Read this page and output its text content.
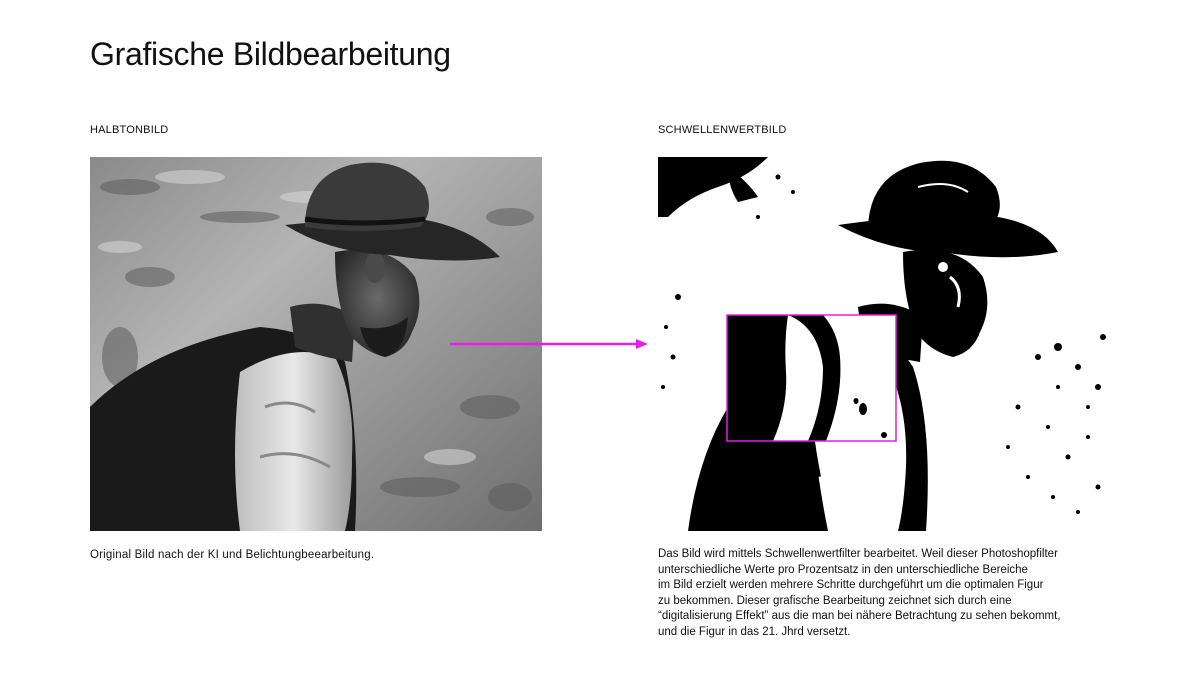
Grafische Bildbearbeitung
HALBTONBILD
Original Bild nach der KI und Belichtungbeearbeitung.
SCHWELLENWERTBILD
Das Bild wird mittels Schwellenwertfilter bearbeitet. Weil dieser Photoshopfilter
unterschiedliche Werte pro Prozentsatz in den unterschiedliche Bereiche
im Bild erzielt werden mehrere Schritte durchgeführt um die optimalen Figur
zu bekommen. Dieser grafische Bearbeitung zeichnet sich durch eine
“digitalisierung Effekt” aus die man bei nähere Betrachtung zu sehen bekommt,
und die Figur in das 21. Jhrd versetzt.
